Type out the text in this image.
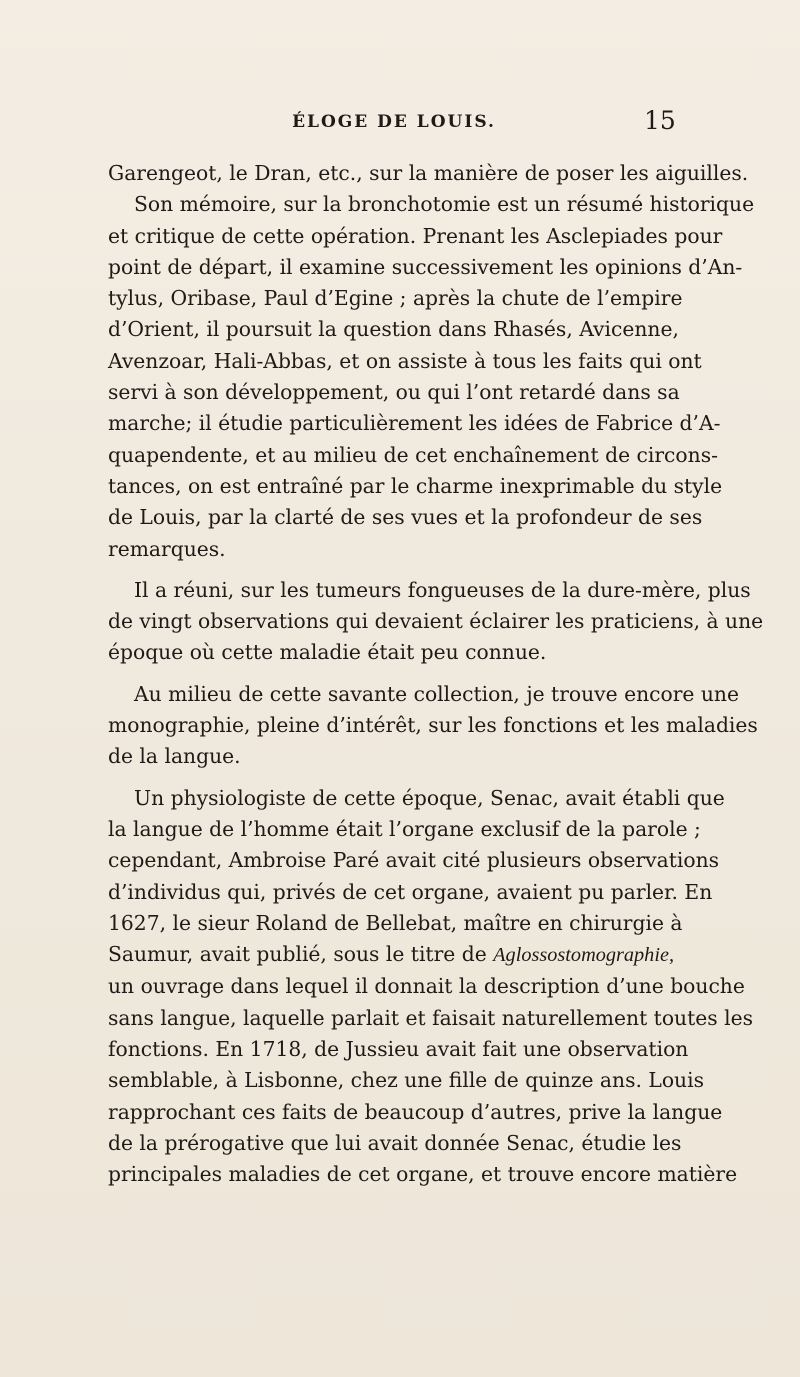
ÉLOGE DE LOUIS.	15

Garengeot, le Dran, etc., sur la manière de poser les aiguilles.

Son mémoire, sur la bronchotomie est un résumé historique
et critique de cette opération. Prenant les Asclepiades pour
point de départ, il examine successivement les opinions d’An-
tylus, Oribase, Paul d’Egine ; après la chute de l’empire
d’Orient, il poursuit la question dans Rhasés, Avicenne,
Avenzoar, Hali-Abbas, et on assiste à tous les faits qui ont
servi à son développement, ou qui l’ont retardé dans sa
marche; il étudie particulièrement les idées de Fabrice d’A-
quapendente, et au milieu de cet enchaînement de circons-
tances, on est entraîné par le charme inexprimable du style
de Louis, par la clarté de ses vues et la profondeur de ses
remarques.

Il a réuni, sur les tumeurs fongueuses de la dure-mère, plus
de vingt observations qui devaient éclairer les praticiens, à une
époque où cette maladie était peu connue.

Au milieu de cette savante collection, je trouve encore une
monographie, pleine d’intérêt, sur les fonctions et les maladies
de la langue.

Un physiologiste de cette époque, Senac, avait établi que
la langue de l’homme était l’organe exclusif de la parole ;
cependant, Ambroise Paré avait cité plusieurs observations
d’individus qui, privés de cet organe, avaient pu parler. En
1627, le sieur Roland de Bellebat, maître en chirurgie à
Saumur, avait publié, sous le titre de Aglossostomographie,
un ouvrage dans lequel il donnait la description d’une bouche
sans langue, laquelle parlait et faisait naturellement toutes les
fonctions. En 1718, de Jussieu avait fait une observation
semblable, à Lisbonne, chez une fille de quinze ans. Louis
rapprochant ces faits de beaucoup d’autres, prive la langue
de la prérogative que lui avait donnée Senac, étudie les
principales maladies de cet organe, et trouve encore matière
